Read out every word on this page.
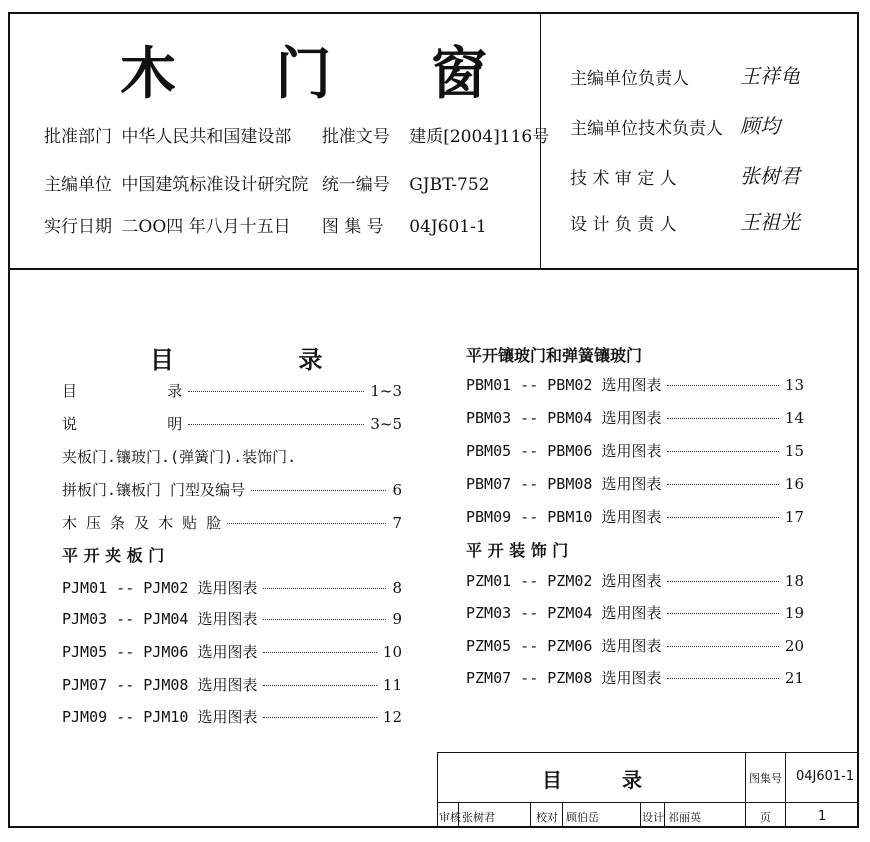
木 门 窗
批准部门 中华人民共和国建设部 批准文号 建质[2004]116号
主编单位 中国建筑标准设计研究院 统一编号 GJBT-752
实行日期 二OO四 年八月十五日 图 集 号 04J601-1
主编单位负责人	王祥龟
主编单位技术负责人 顾均
技 术 审 定 人	张树君
设 计 负 责 人	王祖光
目	录
目          录	1~3
说          明	3~5
夹板门.镶玻门.(弹簧门).装饰门.
拼板门.镶板门 门型及编号	6
木 压 条 及 木 贴 脸	7
平 开 夹 板 门
PJM01 -- PJM02 选用图表	8
PJM03 -- PJM04 选用图表	9
PJM05 -- PJM06 选用图表	10
PJM07 -- PJM08 选用图表	11
PJM09 -- PJM10 选用图表	12
平开镶玻门和弹簧镶玻门
PBM01 -- PBM02 选用图表	13
PBM03 -- PBM04 选用图表	14
PBM05 -- PBM06 选用图表	15
PBM07 -- PBM08 选用图表	16
PBM09 -- PBM10 选用图表	17
平 开 装 饰 门
PZM01 -- PZM02 选用图表	18
PZM03 -- PZM04 选用图表	19
PZM05 -- PZM06 选用图表	20
PZM07 -- PZM08 选用图表	21
目	录	图集号 04J601-1
审核 张树君	校对 顾伯岳	设计 祁丽英	页	1
